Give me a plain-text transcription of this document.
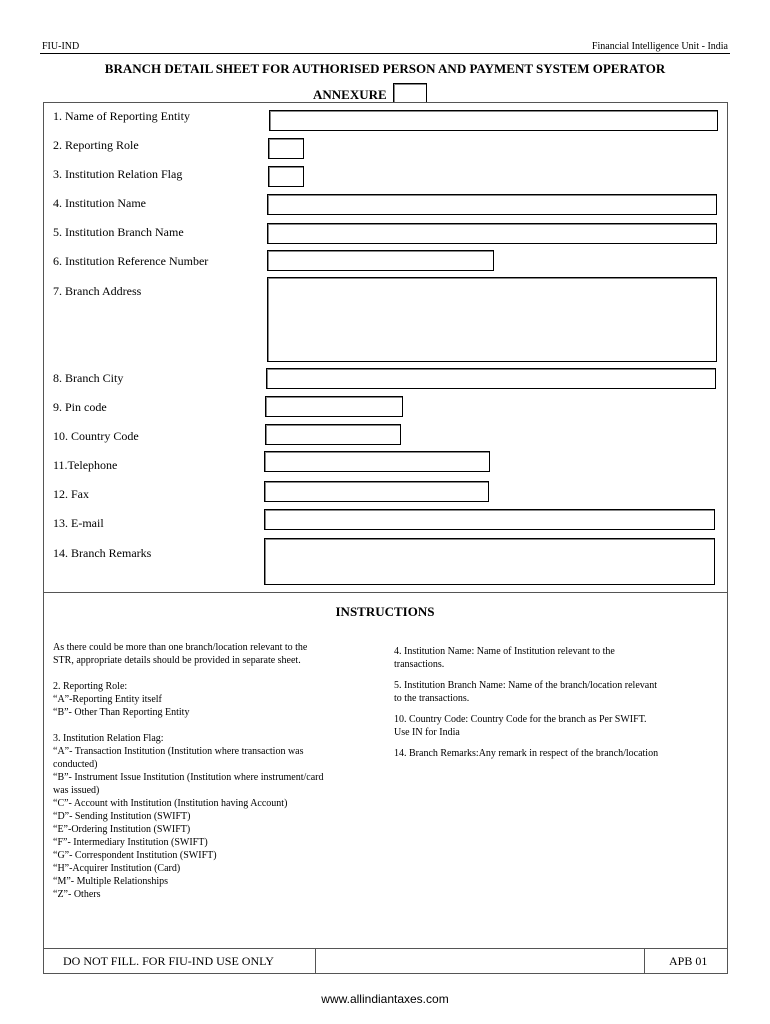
FIU-IND	Financial Intelligence Unit - India
BRANCH DETAIL SHEET FOR AUTHORISED PERSON AND PAYMENT SYSTEM OPERATOR
ANNEXURE
1. Name of Reporting Entity
2. Reporting Role
3. Institution Relation Flag
4. Institution Name
5. Institution Branch Name
6. Institution Reference Number
7. Branch Address
8. Branch City
9. Pin code
10. Country Code
11.Telephone
12. Fax
13. E-mail
14. Branch Remarks
INSTRUCTIONS

As there could be more than one branch/location relevant to the

STR, appropriate details should be provided in separate sheet.

2. Reporting Role:

“A”-Reporting Entity itself

“B”- Other Than Reporting Entity

3. Institution Relation Flag:

“A”- Transaction Institution (Institution where transaction was

conducted)

“B”- Instrument Issue Institution (Institution where instrument/card

was issued)

“C”- Account with Institution (Institution having Account)

“D”- Sending Institution (SWIFT)

“E”-Ordering Institution (SWIFT)

“F”- Intermediary Institution (SWIFT)

“G”- Correspondent Institution (SWIFT)

“H”-Acquirer Institution (Card)

“M”- Multiple Relationships

“Z”- Others

4. Institution Name: Name of Institution relevant to the

transactions.

5. Institution Branch Name: Name of the branch/location relevant

to the transactions.

10. Country Code: Country Code for the branch as Per SWIFT.

Use IN for India

14. Branch Remarks:Any remark in respect of the branch/location

DO NOT FILL. FOR FIU-IND USE ONLY	APB 01
www.allindiantaxes.com
